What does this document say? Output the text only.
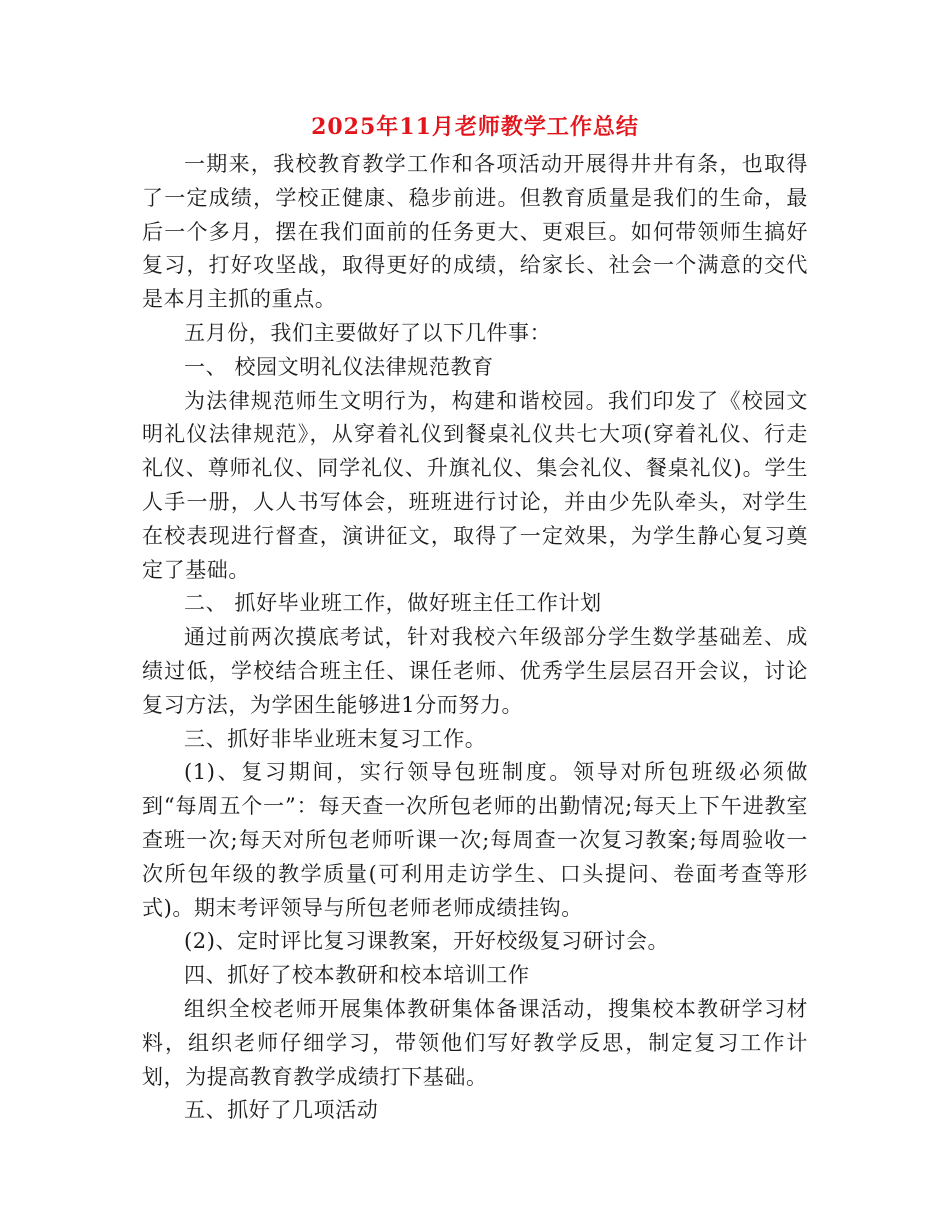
2025年11月老师教学工作总结

一期来，我校教育教学工作和各项活动开展得井井有条，也取得了一定成绩，学校正健康、稳步前进。但教育质量是我们的生命，最后一个多月，摆在我们面前的任务更大、更艰巨。如何带领师生搞好复习，打好攻坚战，取得更好的成绩，给家长、社会一个满意的交代是本月主抓的重点。

五月份，我们主要做好了以下几件事：

一、 校园文明礼仪法律规范教育

为法律规范师生文明行为，构建和谐校园。我们印发了《校园文明礼仪法律规范》，从穿着礼仪到餐桌礼仪共七大项(穿着礼仪、行走礼仪、尊师礼仪、同学礼仪、升旗礼仪、集会礼仪、餐桌礼仪)。学生人手一册，人人书写体会，班班进行讨论，并由少先队牵头，对学生在校表现进行督查，演讲征文，取得了一定效果，为学生静心复习奠定了基础。

二、 抓好毕业班工作，做好班主任工作计划

通过前两次摸底考试，针对我校六年级部分学生数学基础差、成绩过低，学校结合班主任、课任老师、优秀学生层层召开会议，讨论复习方法，为学困生能够进1分而努力。

三、抓好非毕业班末复习工作。

(1)、复习期间，实行领导包班制度。领导对所包班级必须做到“每周五个一”：每天查一次所包老师的出勤情况;每天上下午进教室查班一次;每天对所包老师听课一次;每周查一次复习教案;每周验收一次所包年级的教学质量(可利用走访学生、口头提问、卷面考查等形式)。期末考评领导与所包老师老师成绩挂钩。

(2)、定时评比复习课教案，开好校级复习研讨会。

四、抓好了校本教研和校本培训工作

组织全校老师开展集体教研集体备课活动，搜集校本教研学习材料，组织老师仔细学习，带领他们写好教学反思，制定复习工作计划，为提高教育教学成绩打下基础。

五、抓好了几项活动
